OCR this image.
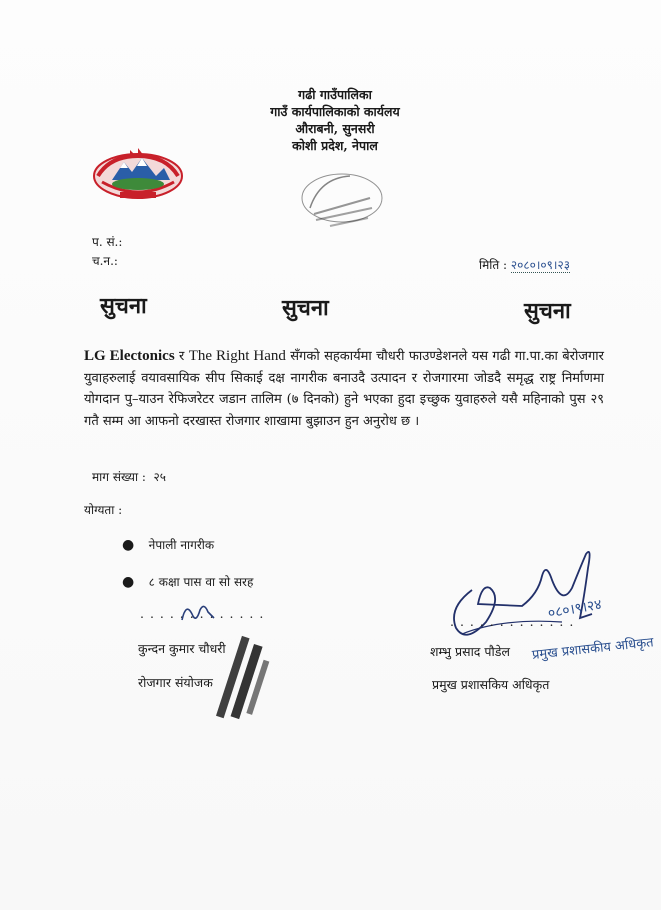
गढी गाउँपालिका
गाउँ कार्यपालिकाको कार्यलय
औराबनी, सुनसरी
कोशी प्रदेश, नेपाल
प. सं.:
च.न.:	मिति : २०८०।०९।२३
सुचना	सुचना	सुचना
LG Electonics र The Right Hand सँगको सहकार्यमा चौधरी फाउण्डेशनले यस गढी गा.पा.का बेरोजगार युवाहरुलाई वयावसायिक सीप सिकाई दक्ष नागरीक बनाउदै उत्पादन र रोजगारमा जोडदै समृद्ध राष्ट्र निर्माणमा योगदान पु–याउन रेफिजरेटर जडान तालिम (७ दिनको) हुने भएका हुदा इच्छुक युवाहरुले यसै महिनाको पुस २९ गतै सम्म आ आफनो दरखास्त रोजगार शाखामा बुझाउन हुन अनुरोध छ ।
माग संख्या :  २५
योग्यता :
● नेपाली नागरीक
● ८ कक्षा पास वा सो सरह
. . . . . . . . . . . . .
कुन्दन कुमार चौधरी
रोजगार संयोजक
०८०।९।२४
. . . . . . . . . . . . .
शम्भु प्रसाद पौडेल प्रमुख प्रशासकीय अधिकृत
प्रमुख प्रशासकिय अधिकृत
